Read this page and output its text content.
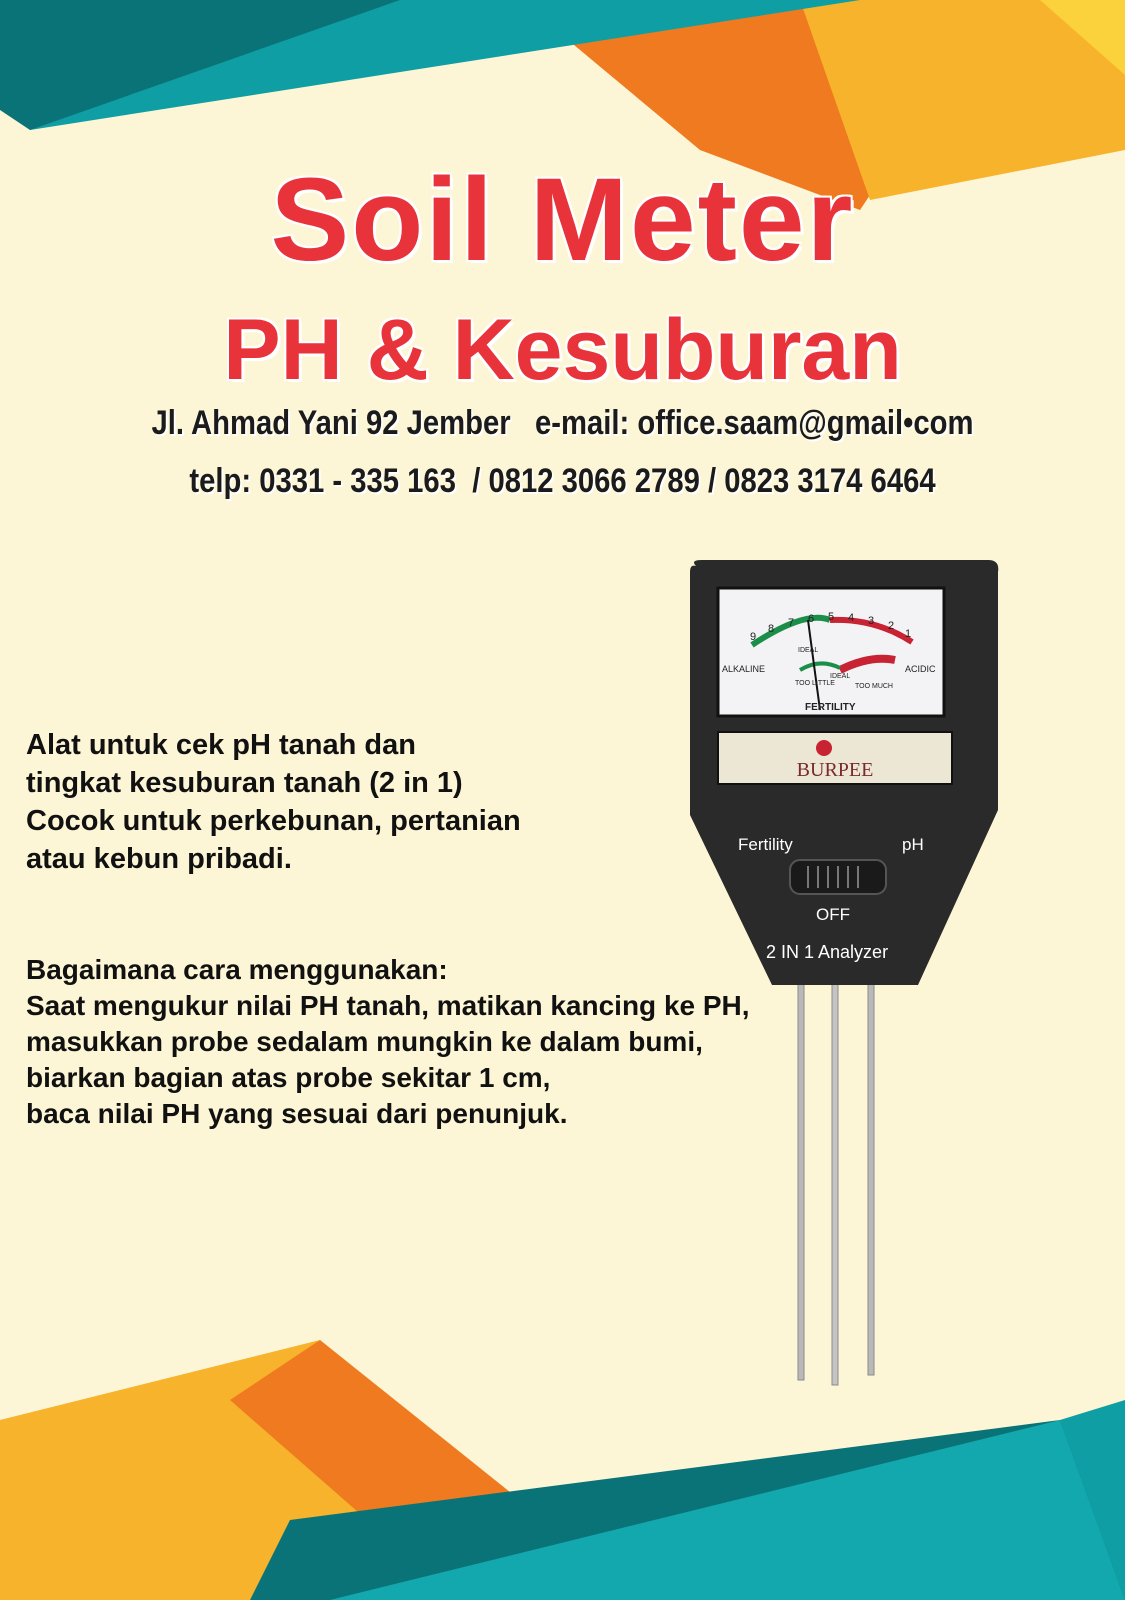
Soil Meter
PH & Kesuburan
Jl. Ahmad Yani 92 Jember   e-mail: office.saam@gmail•com
telp: 0331 - 335 163  / 0812 3066 2789 / 0823 3174 6464
Alat untuk cek pH tanah dan
tingkat kesuburan tanah (2 in 1)
Cocok untuk perkebunan, pertanian
atau kebun pribadi.
Bagaimana cara menggunakan:
Saat mengukur nilai PH tanah, matikan kancing ke PH,
masukkan probe sedalam mungkin ke dalam bumi,
biarkan bagian atas probe sekitar 1 cm,
baca nilai PH yang sesuai dari penunjuk.
9
8 7 6 5 4 3 2
1
ALKALINE	ACIDIC
IDEAL
TOO LITTLE
IDEAL
TOO MUCH
FERTILITY
BURPEE
Fertility	pH
OFF
2 IN 1 Analyzer
